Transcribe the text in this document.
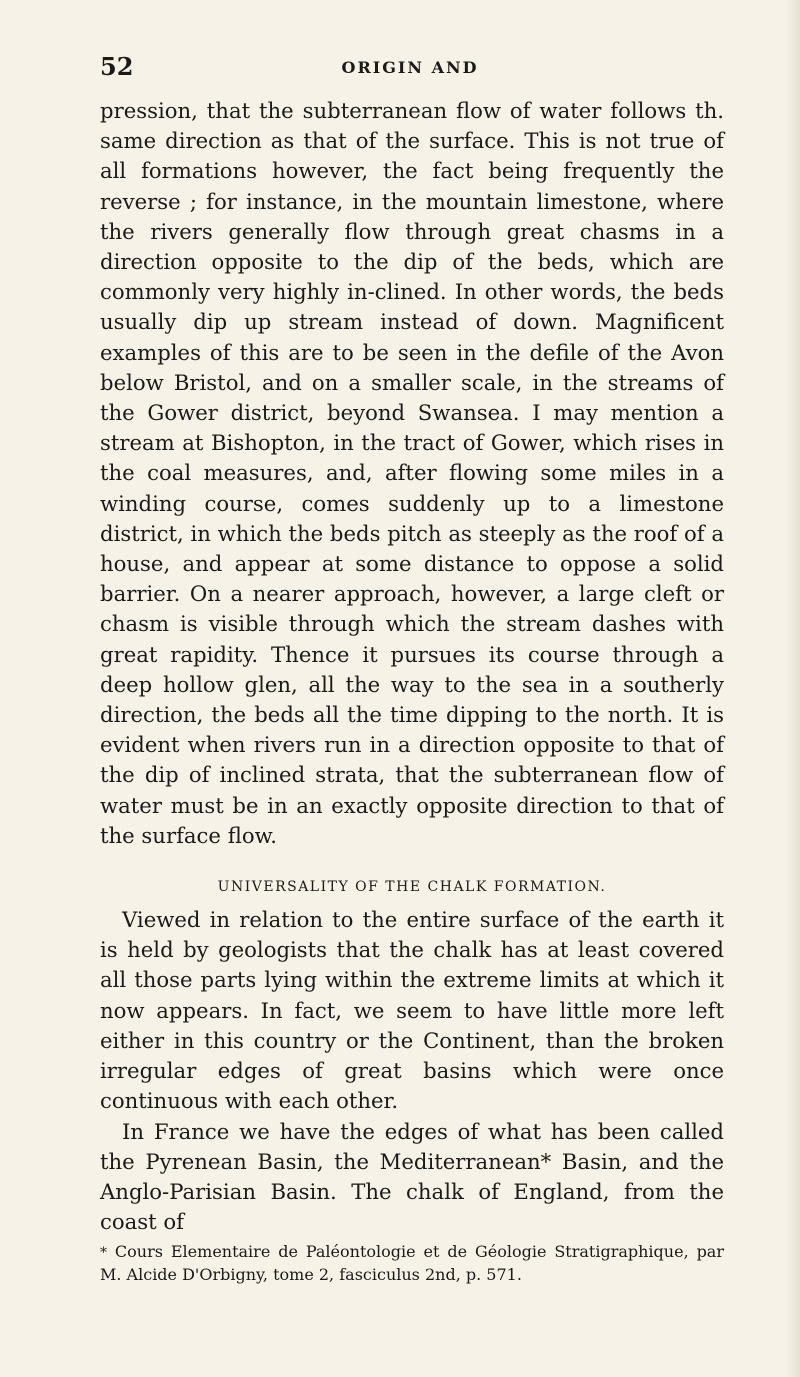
52	ORIGIN AND

pression, that the subterranean flow of water follows th. same direction as that of the surface. This is not true of all formations however, the fact being frequently the reverse ; for instance, in the mountain limestone, where the rivers generally flow through great chasms in a direction opposite to the dip of the beds, which are commonly very highly in-clined. In other words, the beds usually dip up stream instead of down. Magnificent examples of this are to be seen in the defile of the Avon below Bristol, and on a smaller scale, in the streams of the Gower district, beyond Swansea. I may mention a stream at Bishopton, in the tract of Gower, which rises in the coal measures, and, after flowing some miles in a winding course, comes suddenly up to a limestone district, in which the beds pitch as steeply as the roof of a house, and appear at some distance to oppose a solid barrier. On a nearer approach, however, a large cleft or chasm is visible through which the stream dashes with great rapidity. Thence it pursues its course through a deep hollow glen, all the way to the sea in a southerly direction, the beds all the time dipping to the north. It is evident when rivers run in a direction opposite to that of the dip of inclined strata, that the subterranean flow of water must be in an exactly opposite direction to that of the surface flow.

UNIVERSALITY OF THE CHALK FORMATION.

Viewed in relation to the entire surface of the earth it is held by geologists that the chalk has at least covered all those parts lying within the extreme limits at which it now appears. In fact, we seem to have little more left either in this country or the Continent, than the broken irregular edges of great basins which were once continuous with each other.

In France we have the edges of what has been called the Pyrenean Basin, the Mediterranean* Basin, and the Anglo-Parisian Basin. The chalk of England, from the coast of

* Cours Elementaire de Paléontologie et de Géologie Stratigraphique, par M. Alcide D'Orbigny, tome 2, fasciculus 2nd, p. 571.
